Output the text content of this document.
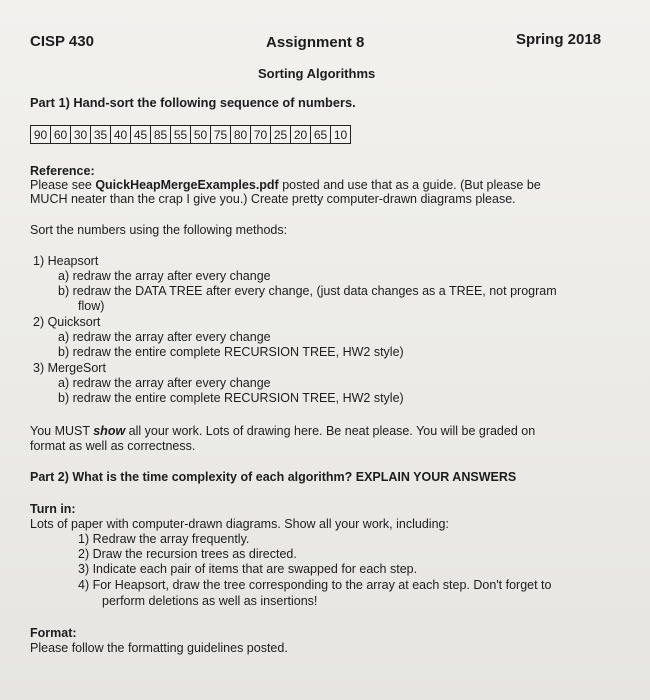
CISP 430	Assignment 8	Spring 2018
Sorting Algorithms
Part 1) Hand-sort the following sequence of numbers.
90	60	30	35	40	45	85	55	50	75	80	70	25	20	65	10
Reference:
Please see QuickHeapMergeExamples.pdf posted and use that as a guide. (But please be
MUCH neater than the crap I give you.) Create pretty computer-drawn diagrams please.
Sort the numbers using the following methods:
1) Heapsort
a) redraw the array after every change
b) redraw the DATA TREE after every change, (just data changes as a TREE, not program
flow)
2) Quicksort
a) redraw the array after every change
b) redraw the entire complete RECURSION TREE, HW2 style)
3) MergeSort
a) redraw the array after every change
b) redraw the entire complete RECURSION TREE, HW2 style)
You MUST show all your work. Lots of drawing here. Be neat please. You will be graded on
format as well as correctness.
Part 2) What is the time complexity of each algorithm? EXPLAIN YOUR ANSWERS
Turn in:
Lots of paper with computer-drawn diagrams. Show all your work, including:
1) Redraw the array frequently.
2) Draw the recursion trees as directed.
3) Indicate each pair of items that are swapped for each step.
4) For Heapsort, draw the tree corresponding to the array at each step. Don't forget to
perform deletions as well as insertions!
Format:
Please follow the formatting guidelines posted.
